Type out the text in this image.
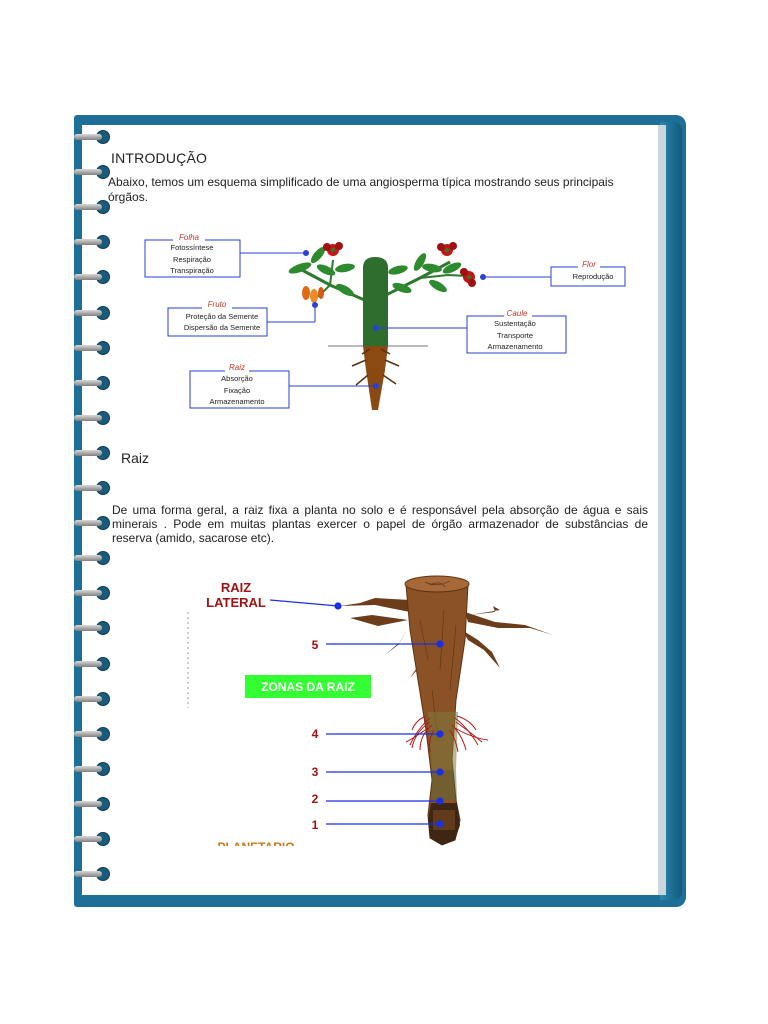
INTRODUÇÃO
Abaixo, temos um esquema simplificado de uma angiosperma típica mostrando seus principais órgãos.
Folha
Fotossíntese
Respiração
Transpiração
Fruto
Proteção da Semente
Dispersão da Semente
Raiz
Absorção
Fixação
Armazenamento
Flor
Reprodução
Caule
Sustentação
Transporte
Armazenamento
RAIZ
LATERAL
ZONAS DA RAIZ
5
4
3
2
1
PLANETARIO
Raiz
De uma forma geral, a raiz fixa a planta no solo e é responsável pela absorção de água e sais minerais . Pode em muitas plantas exercer o papel de órgão armazenador de substâncias de reserva (amido, sacarose etc).
